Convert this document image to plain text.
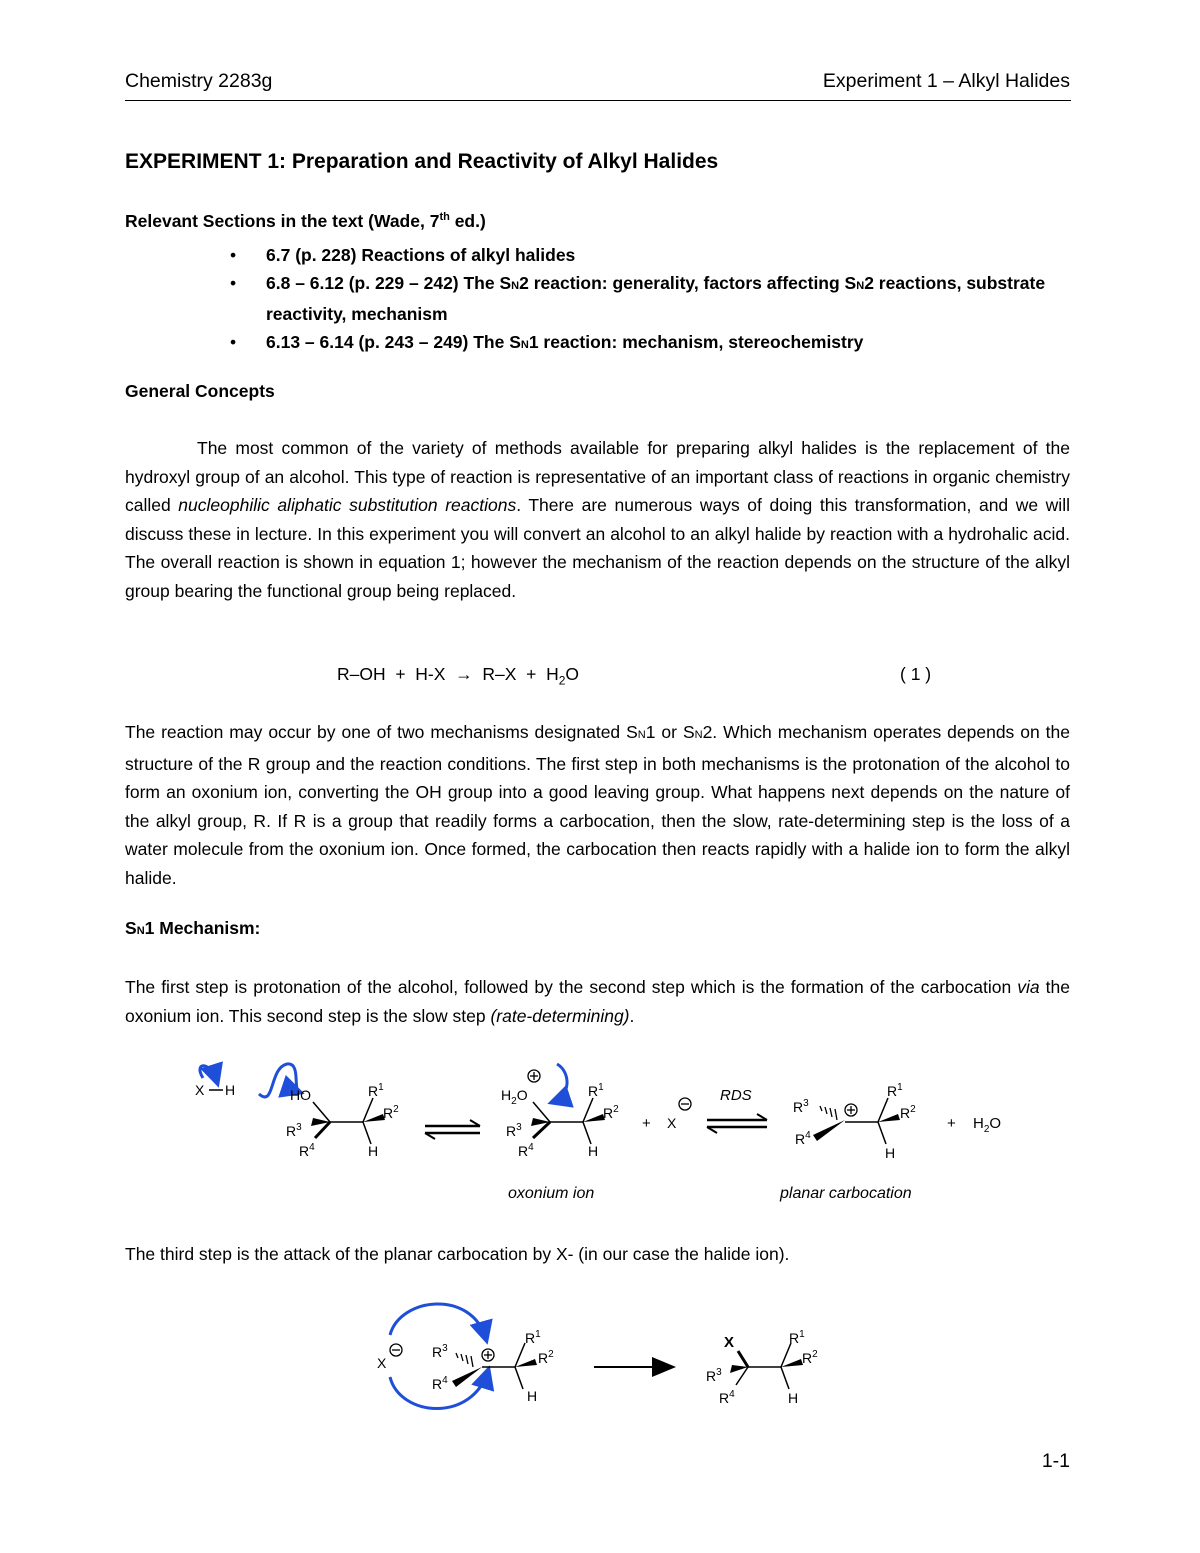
Chemistry 2283g	Experiment 1 – Alkyl Halides
EXPERIMENT 1: Preparation and Reactivity of Alkyl Halides
Relevant Sections in the text (Wade, 7th ed.)
• 6.7 (p. 228) Reactions of alkyl halides
• 6.8 – 6.12 (p. 229 – 242) The SN2 reaction: generality, factors affecting SN2 reactions, substrate reactivity, mechanism
• 6.13 – 6.14 (p. 243 – 249) The SN1 reaction: mechanism, stereochemistry
General Concepts

The most common of the variety of methods available for preparing alkyl halides is the replacement of the hydroxyl group of an alcohol. This type of reaction is representative of an important class of reactions in organic chemistry called nucleophilic aliphatic substitution reactions. There are numerous ways of doing this transformation, and we will discuss these in lecture. In this experiment you will convert an alcohol to an alkyl halide by reaction with a hydrohalic acid. The overall reaction is shown in equation 1; however the mechanism of the reaction depends on the structure of the alkyl group bearing the functional group being replaced.

$R-OH + H-X \to R-X + H_2O$	( 1 )

The reaction may occur by one of two mechanisms designated SN1 or SN2. Which mechanism operates depends on the structure of the R group and the reaction conditions. The first step in both mechanisms is the protonation of the alcohol to form an oxonium ion, converting the OH group into a good leaving group. What happens next depends on the nature of the alkyl group, R. If R is a group that readily forms a carbocation, then the slow, rate-determining step is the loss of a water molecule from the oxonium ion. Once formed, the carbocation then reacts rapidly with a halide ion to form the alkyl halide.

SN1 Mechanism:

The first step is protonation of the alcohol, followed by the second step which is the formation of the carbocation via the oxonium ion. This second step is the slow step (rate-determining).

X H	HO	$R^1$
$R^2$
$R^3$
$R^4$	H
$H_2O$	$R^1$
$R^2$
$R^3$
$R^4$	H
+ X
RDS
$R^3$
$R^4$
$R^1$
$R^2$
H
+ $H_2O$
oxonium ion	planar carbocation

The third step is the attack of the planar carbocation by X- (in our case the halide ion).

X
$R^3$
$R^4$
$R^1$
$R^2$
H
X
$R^3$
$R^4$
$R^1$
$R^2$
H
1-1
